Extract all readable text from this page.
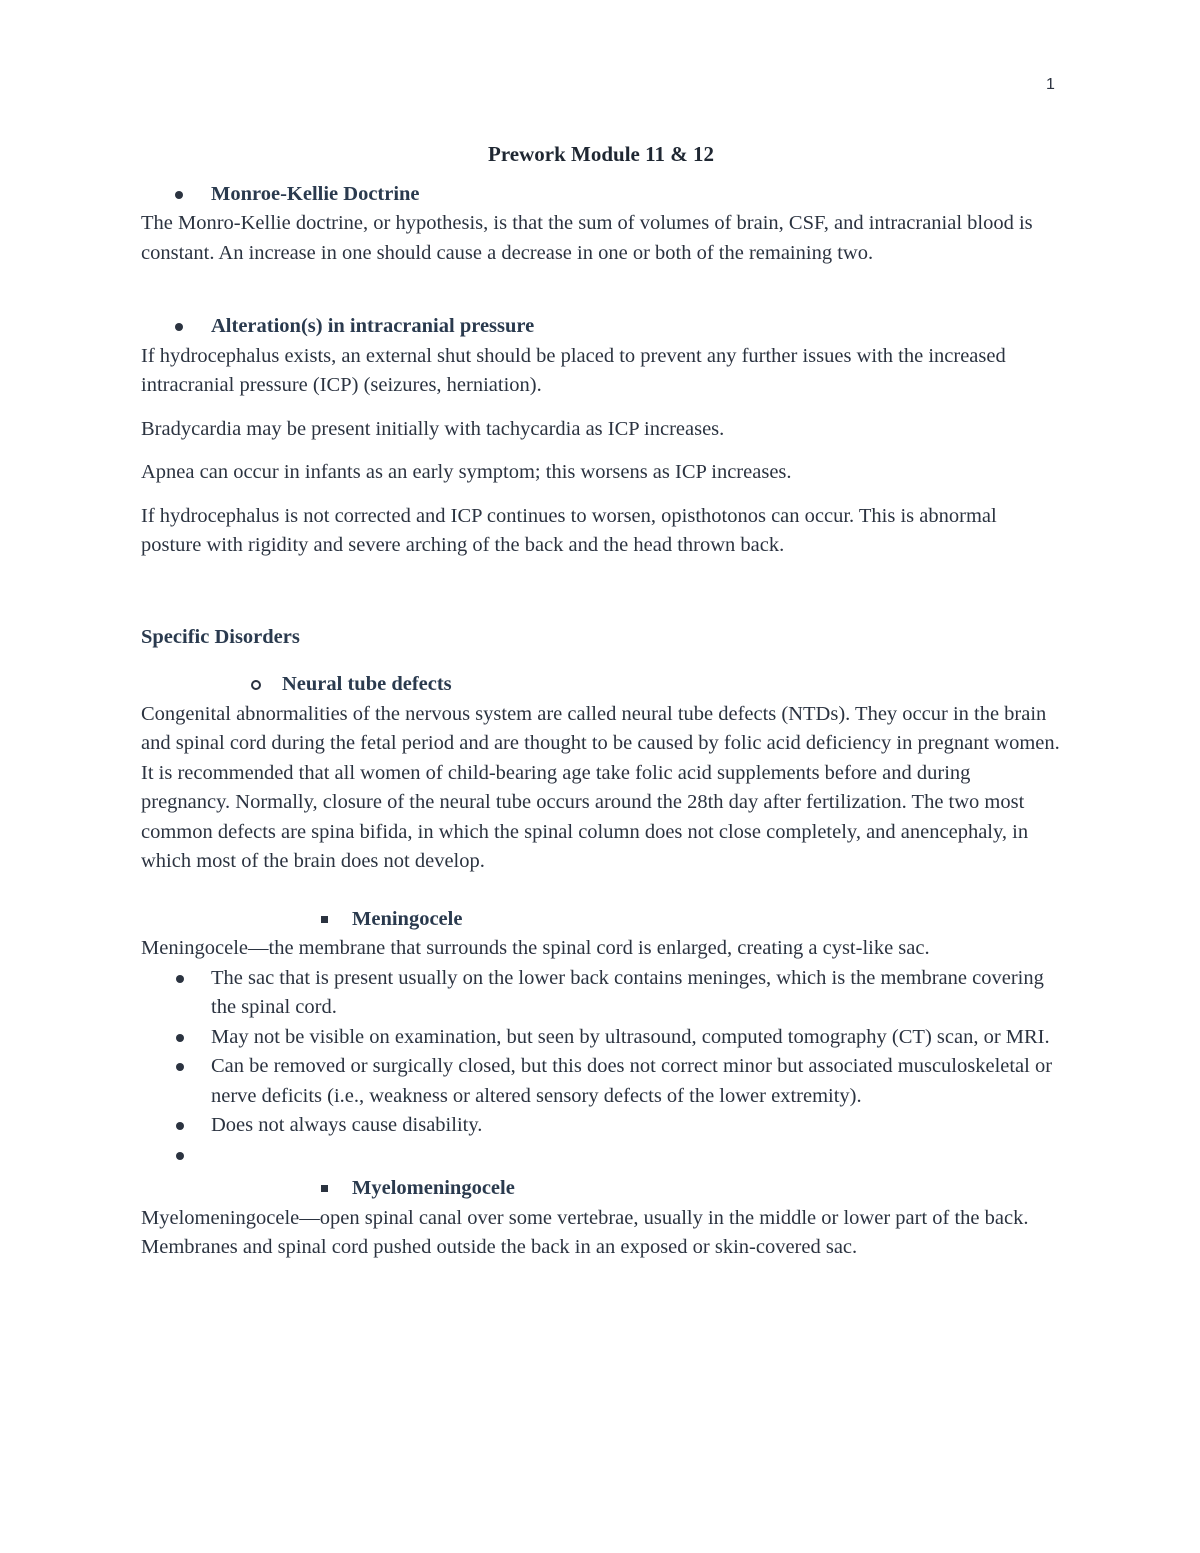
1
Prework Module 11 & 12
Monroe-Kellie Doctrine

The Monro-Kellie doctrine, or hypothesis, is that the sum of volumes of brain, CSF, and intracranial blood is constant. An increase in one should cause a decrease in one or both of the remaining two.

Alteration(s) in intracranial pressure

If hydrocephalus exists, an external shut should be placed to prevent any further issues with the increased intracranial pressure (ICP) (seizures, herniation).

Bradycardia may be present initially with tachycardia as ICP increases.

Apnea can occur in infants as an early symptom; this worsens as ICP increases.

If hydrocephalus is not corrected and ICP continues to worsen, opisthotonos can occur. This is abnormal posture with rigidity and severe arching of the back and the head thrown back.

Specific Disorders
Neural tube defects

Congenital abnormalities of the nervous system are called neural tube defects (NTDs). They occur in the brain and spinal cord during the fetal period and are thought to be caused by folic acid deficiency in pregnant women. It is recommended that all women of child-bearing age take folic acid supplements before and during pregnancy. Normally, closure of the neural tube occurs around the 28th day after fertilization. The two most common defects are spina bifida, in which the spinal column does not close completely, and anencephaly, in which most of the brain does not develop.

Meningocele

Meningocele—the membrane that surrounds the spinal cord is enlarged, creating a cyst-like sac.

The sac that is present usually on the lower back contains meninges, which is the membrane covering the spinal cord.
May not be visible on examination, but seen by ultrasound, computed tomography (CT) scan, or MRI.
Can be removed or surgically closed, but this does not correct minor but associated musculoskeletal or nerve deficits (i.e., weakness or altered sensory defects of the lower extremity).
Does not always cause disability.
Myelomeningocele

Myelomeningocele—open spinal canal over some vertebrae, usually in the middle or lower part of the back. Membranes and spinal cord pushed outside the back in an exposed or skin-covered sac.
